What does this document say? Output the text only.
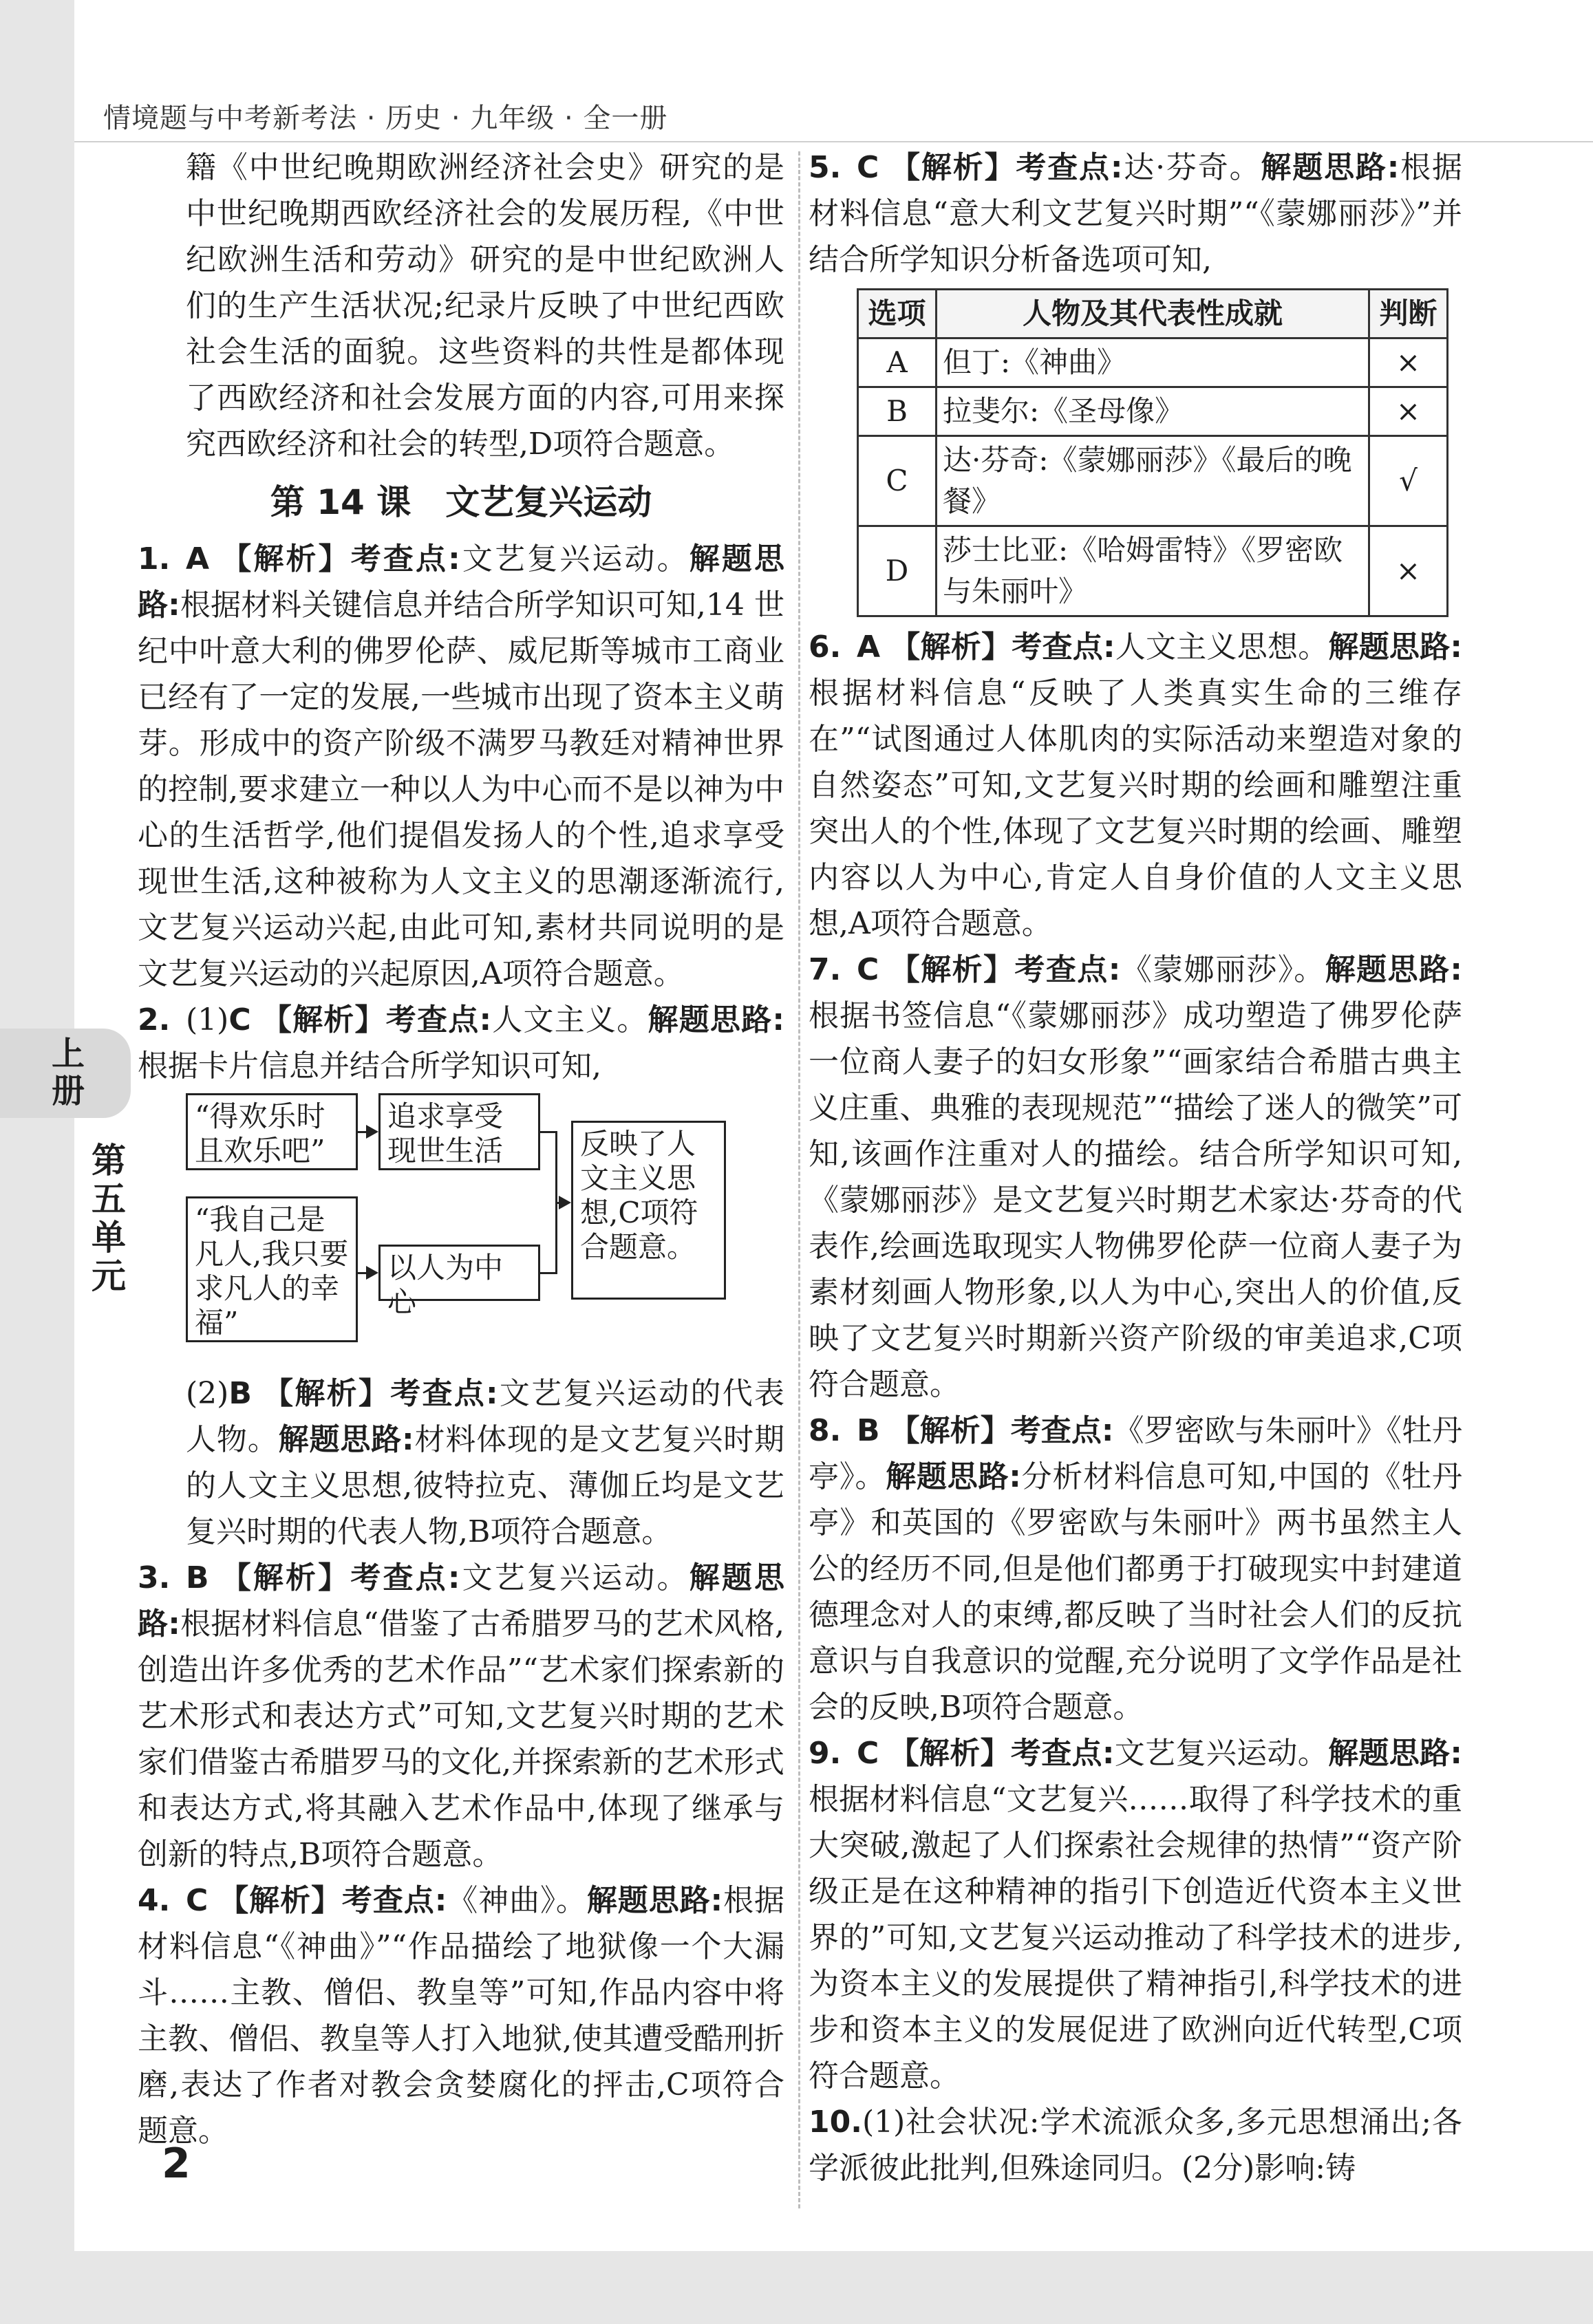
情境题与中考新考法 · 历史 · 九年级 · 全一册
上册
第五单元

籍《中世纪晚期欧洲经济社会史》研究的是中世纪晚期西欧经济社会的发展历程,《中世纪欧洲生活和劳动》研究的是中世纪欧洲人们的生产生活状况;纪录片反映了中世纪西欧社会生活的面貌。这些资料的共性是都体现了西欧经济和社会发展方面的内容,可用来探究西欧经济和社会的转型,D项符合题意。

第 14 课　文艺复兴运动

1. A 【解析】考查点:文艺复兴运动。解题思路:根据材料关键信息并结合所学知识可知,14 世纪中叶意大利的佛罗伦萨、威尼斯等城市工商业已经有了一定的发展,一些城市出现了资本主义萌芽。形成中的资产阶级不满罗马教廷对精神世界的控制,要求建立一种以人为中心而不是以神为中心的生活哲学,他们提倡发扬人的个性,追求享受现世生活,这种被称为人文主义的思潮逐渐流行,文艺复兴运动兴起,由此可知,素材共同说明的是文艺复兴运动的兴起原因,A项符合题意。

2. (1)C 【解析】考查点:人文主义。解题思路:根据卡片信息并结合所学知识可知,

“得欢乐时且欢乐吧”
追求享受现世生活
“我自己是凡人,我只要求凡人的幸福”
以人为中心
反映了人文主义思想,C项符合题意。

(2)B 【解析】考查点:文艺复兴运动的代表人物。解题思路:材料体现的是文艺复兴时期的人文主义思想,彼特拉克、薄伽丘均是文艺复兴时期的代表人物,B项符合题意。

3. B 【解析】考查点:文艺复兴运动。解题思路:根据材料信息“借鉴了古希腊罗马的艺术风格,创造出许多优秀的艺术作品”“艺术家们探索新的艺术形式和表达方式”可知,文艺复兴时期的艺术家们借鉴古希腊罗马的文化,并探索新的艺术形式和表达方式,将其融入艺术作品中,体现了继承与创新的特点,B项符合题意。

4. C 【解析】考查点:《神曲》。解题思路:根据材料信息“《神曲》”“作品描绘了地狱像一个大漏斗……主教、僧侣、教皇等”可知,作品内容中将主教、僧侣、教皇等人打入地狱,使其遭受酷刑折磨,表达了作者对教会贪婪腐化的抨击,C项符合题意。

5. C 【解析】考查点:达·芬奇。解题思路:根据材料信息“意大利文艺复兴时期”“《蒙娜丽莎》”并结合所学知识分析备选项可知,

选项	人物及其代表性成就	判断
A	但丁:《神曲》	×
B	拉斐尔:《圣母像》	×
C	达·芬奇:《蒙娜丽莎》《最后的晚餐》	√
D	莎士比亚:《哈姆雷特》《罗密欧与朱丽叶》	×

6. A 【解析】考查点:人文主义思想。解题思路:根据材料信息“反映了人类真实生命的三维存在”“试图通过人体肌肉的实际活动来塑造对象的自然姿态”可知,文艺复兴时期的绘画和雕塑注重突出人的个性,体现了文艺复兴时期的绘画、雕塑内容以人为中心,肯定人自身价值的人文主义思想,A项符合题意。

7. C 【解析】考查点:《蒙娜丽莎》。解题思路:根据书签信息“《蒙娜丽莎》成功塑造了佛罗伦萨一位商人妻子的妇女形象”“画家结合希腊古典主义庄重、典雅的表现规范”“描绘了迷人的微笑”可知,该画作注重对人的描绘。结合所学知识可知,《蒙娜丽莎》是文艺复兴时期艺术家达·芬奇的代表作,绘画选取现实人物佛罗伦萨一位商人妻子为素材刻画人物形象,以人为中心,突出人的价值,反映了文艺复兴时期新兴资产阶级的审美追求,C项符合题意。

8. B 【解析】考查点:《罗密欧与朱丽叶》《牡丹亭》。解题思路:分析材料信息可知,中国的《牡丹亭》和英国的《罗密欧与朱丽叶》两书虽然主人公的经历不同,但是他们都勇于打破现实中封建道德理念对人的束缚,都反映了当时社会人们的反抗意识与自我意识的觉醒,充分说明了文学作品是社会的反映,B项符合题意。

9. C 【解析】考查点:文艺复兴运动。解题思路:根据材料信息“文艺复兴……取得了科学技术的重大突破,激起了人们探索社会规律的热情”“资产阶级正是在这种精神的指引下创造近代资本主义世界的”可知,文艺复兴运动推动了科学技术的进步,为资本主义的发展提供了精神指引,科学技术的进步和资本主义的发展促进了欧洲向近代转型,C项符合题意。

10.(1)社会状况:学术流派众多,多元思想涌出;各学派彼此批判,但殊途同归。(2分)影响:铸

2
